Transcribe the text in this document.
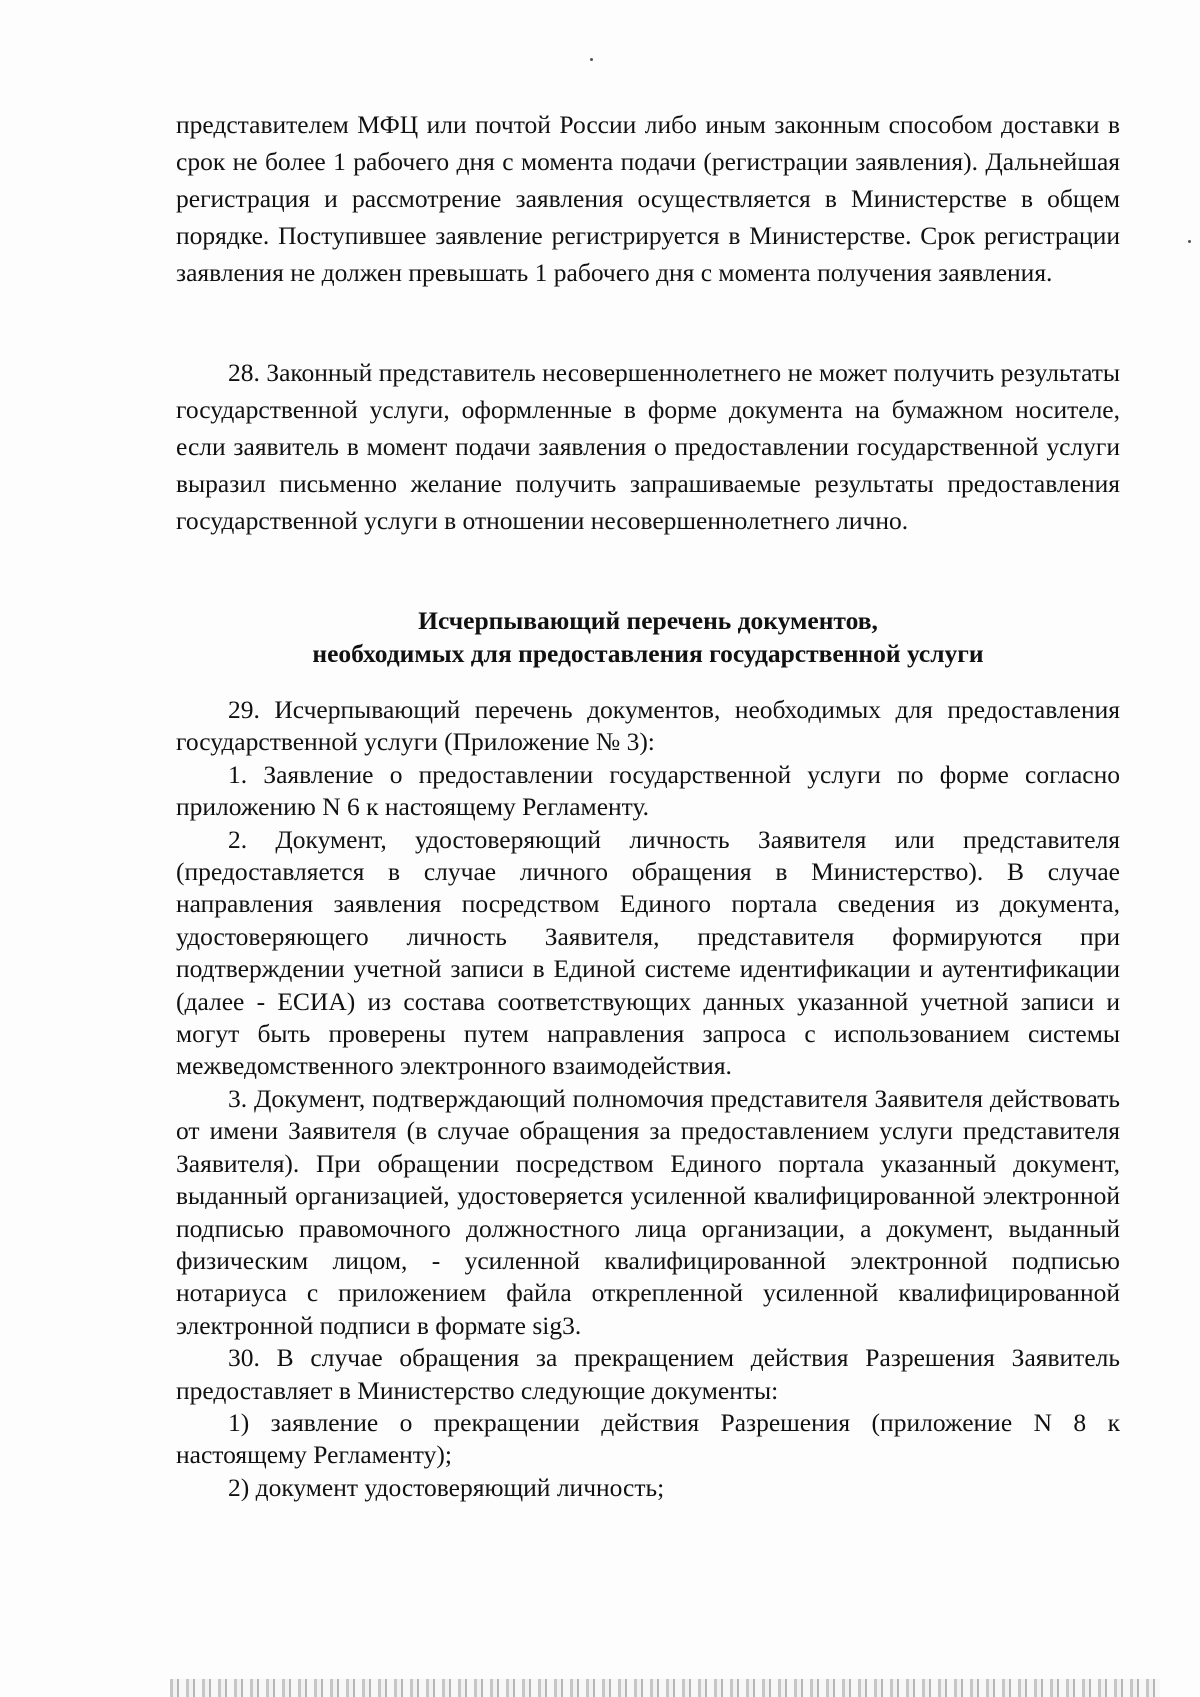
представителем МФЦ или почтой России либо иным законным способом доставки в срок не более 1 рабочего дня с момента подачи (регистрации заявления). Дальнейшая регистрация и рассмотрение заявления осуществляется в Министерстве в общем порядке. Поступившее заявление регистрируется в Министерстве. Срок регистрации заявления не должен превышать 1 рабочего дня с момента получения заявления.

28. Законный представитель несовершеннолетнего не может получить результаты государственной услуги, оформленные в форме документа на бумажном носителе, если заявитель в момент подачи заявления о предоставлении государственной услуги выразил письменно желание получить запрашиваемые результаты предоставления государственной услуги в отношении несовершеннолетнего лично.

Исчерпывающий перечень документов,
необходимых для предоставления государственной услуги

29. Исчерпывающий перечень документов, необходимых для предоставления государственной услуги (Приложение № 3):

1. Заявление о предоставлении государственной услуги по форме согласно приложению N 6 к настоящему Регламенту.

2. Документ, удостоверяющий личность Заявителя или представителя (предоставляется в случае личного обращения в Министерство). В случае направления заявления посредством Единого портала сведения из документа, удостоверяющего личность Заявителя, представителя формируются при подтверждении учетной записи в Единой системе идентификации и аутентификации (далее - ЕСИА) из состава соответствующих данных указанной учетной записи и могут быть проверены путем направления запроса с использованием системы межведомственного электронного взаимодействия.

3. Документ, подтверждающий полномочия представителя Заявителя действовать от имени Заявителя (в случае обращения за предоставлением услуги представителя Заявителя). При обращении посредством Единого портала указанный документ, выданный организацией, удостоверяется усиленной квалифицированной электронной подписью правомочного должностного лица организации, а документ, выданный физическим лицом, - усиленной квалифицированной электронной подписью нотариуса с приложением файла открепленной усиленной квалифицированной электронной подписи в формате sig3.

30. В случае обращения за прекращением действия Разрешения Заявитель предоставляет в Министерство следующие документы:

1) заявление о прекращении действия Разрешения (приложение N 8 к настоящему Регламенту);

2) документ удостоверяющий личность;
